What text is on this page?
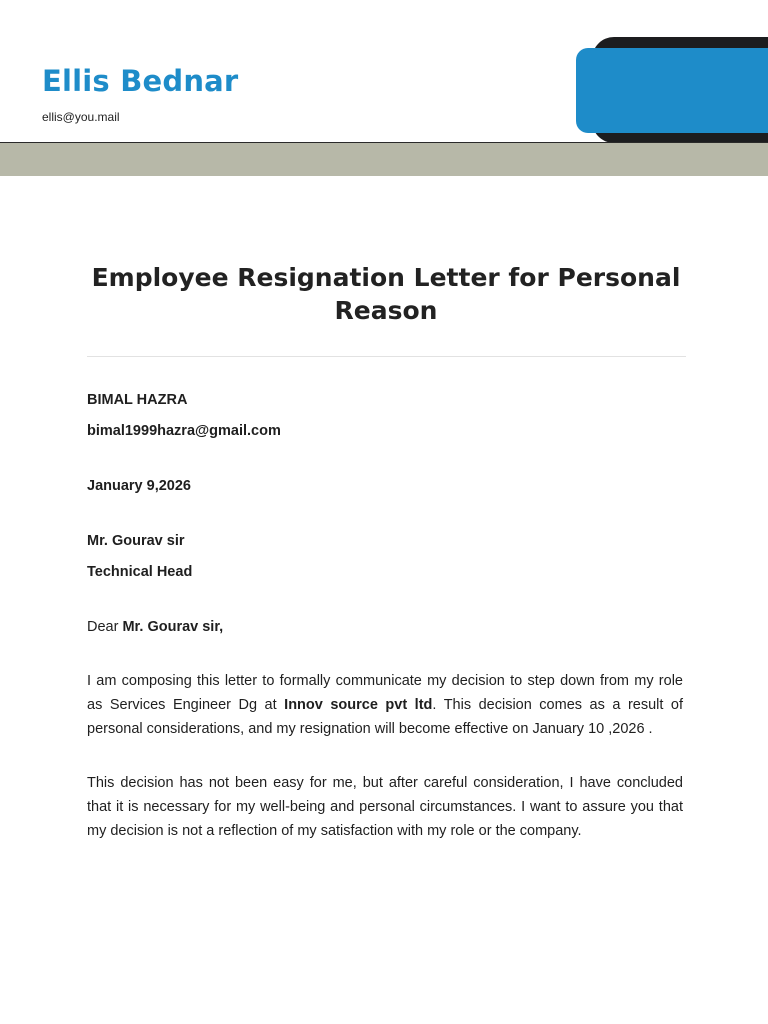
Ellis Bednar
ellis@you.mail
Employee Resignation Letter for Personal Reason

BIMAL HAZRA

bimal1999hazra@gmail.com

January 9,2026

Mr. Gourav sir

Technical Head

Dear Mr. Gourav sir,

I am composing this letter to formally communicate my decision to step down from my role as Services Engineer Dg at Innov source pvt ltd. This decision comes as a result of personal considerations, and my resignation will become effective on January 10 ,2026 .

This decision has not been easy for me, but after careful consideration, I have concluded that it is necessary for my well-being and personal circumstances. I want to assure you that my decision is not a reflection of my satisfaction with my role or the company.
